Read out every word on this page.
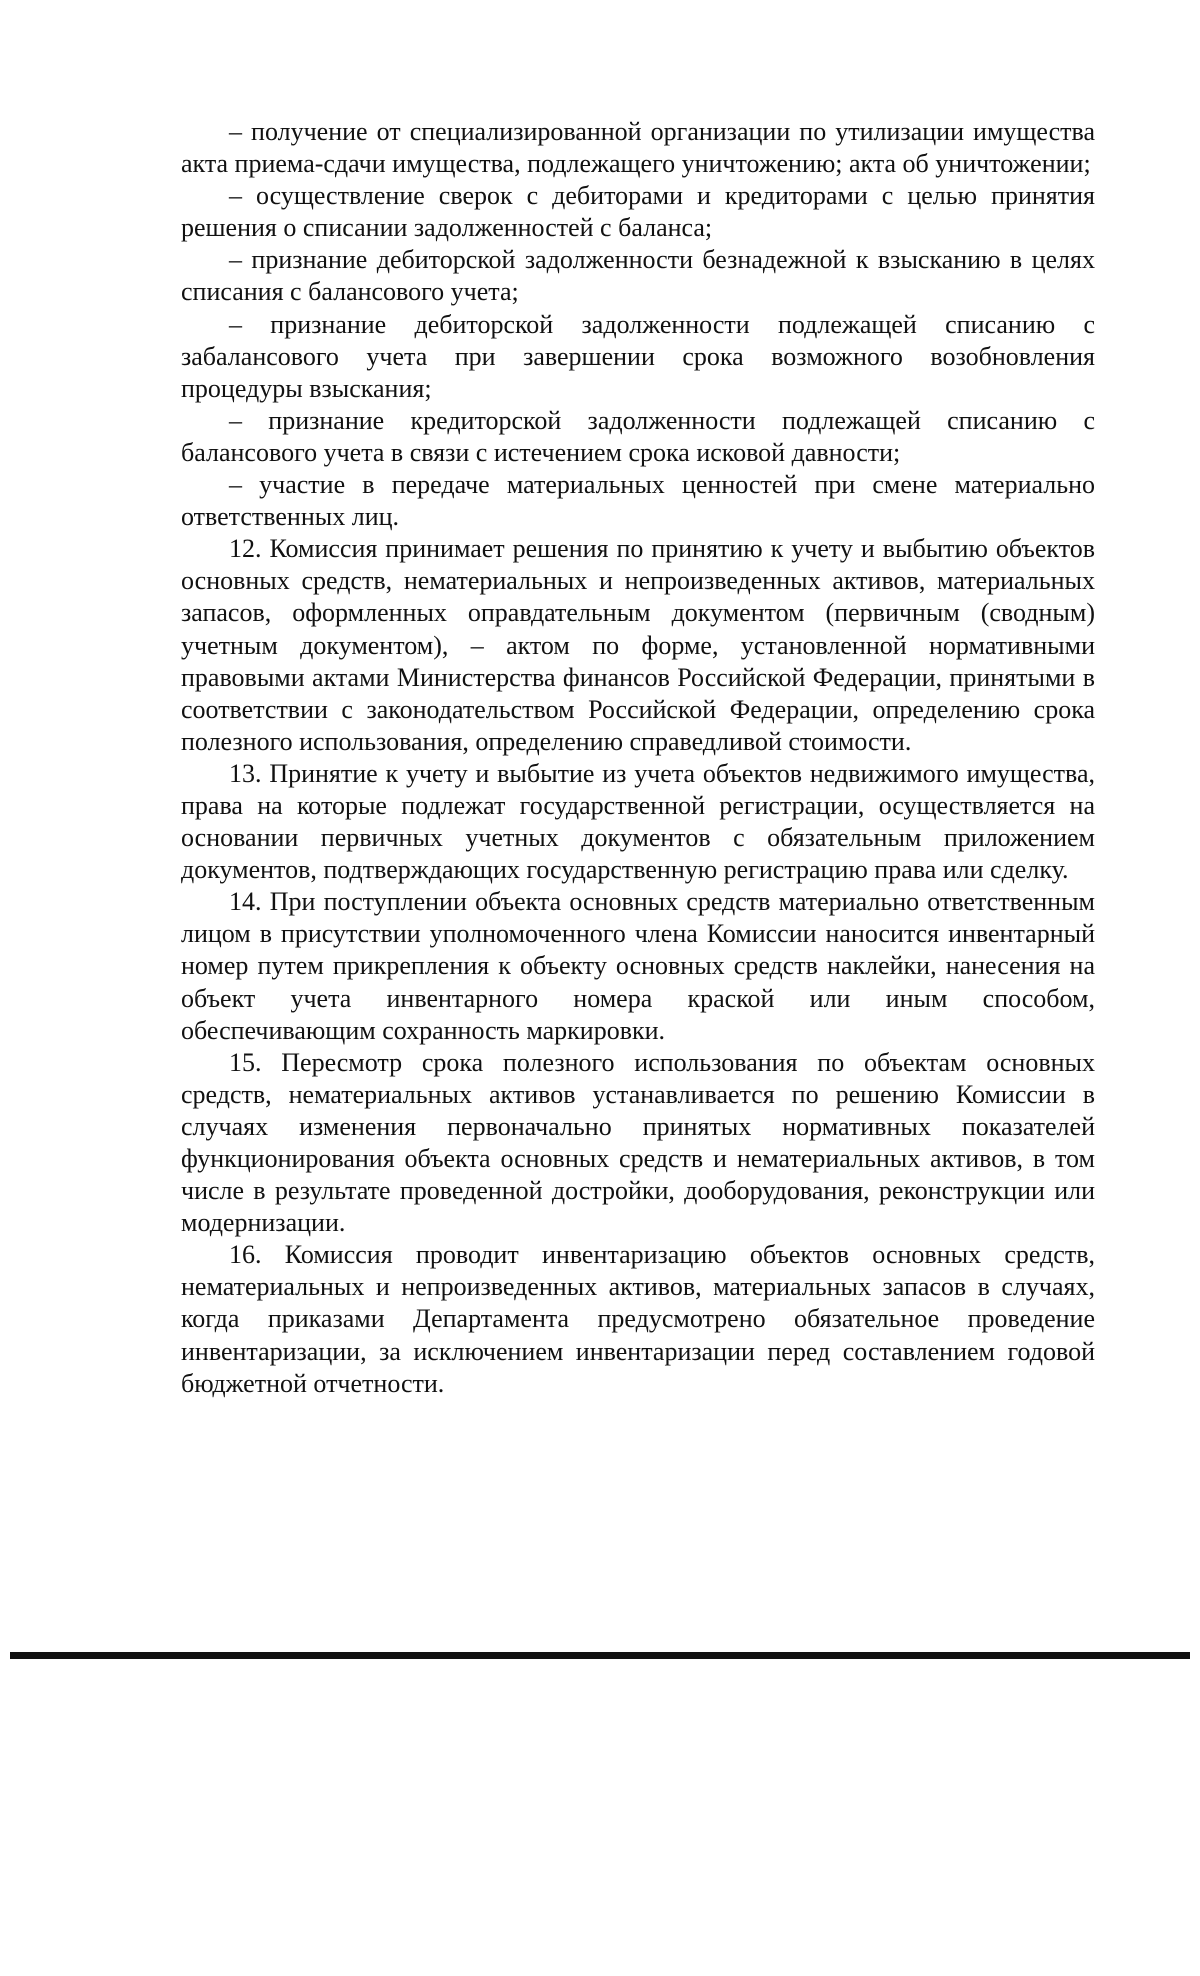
– получение от специализированной организации по утилизации имущества акта приема-сдачи имущества, подлежащего уничтожению; акта об уничтожении;

– осуществление сверок с дебиторами и кредиторами с целью принятия решения о списании задолженностей с баланса;

– признание дебиторской задолженности безнадежной к взысканию в целях списания с балансового учета;

– признание дебиторской задолженности подлежащей списанию с забалансового учета при завершении срока возможного возобновления процедуры взыскания;

– признание кредиторской задолженности подлежащей списанию с балансового учета в связи с истечением срока исковой давности;

– участие в передаче материальных ценностей при смене материально ответственных лиц.

12. Комиссия принимает решения по принятию к учету и выбытию объектов основных средств, нематериальных и непроизведенных активов, материальных запасов, оформленных оправдательным документом (первичным (сводным) учетным документом), – актом по форме, установленной нормативными правовыми актами Министерства финансов Российской Федерации, принятыми в соответствии с законодательством Российской Федерации, определению срока полезного использования, определению справедливой стоимости.

13. Принятие к учету и выбытие из учета объектов недвижимого имущества, права на которые подлежат государственной регистрации, осуществляется на основании первичных учетных документов с обязательным приложением документов, подтверждающих государственную регистрацию права или сделку.

14. При поступлении объекта основных средств материально ответственным лицом в присутствии уполномоченного члена Комиссии наносится инвентарный номер путем прикрепления к объекту основных средств наклейки, нанесения на объект учета инвентарного номера краской или иным способом, обеспечивающим сохранность маркировки.

15. Пересмотр срока полезного использования по объектам основных средств, нематериальных активов устанавливается по решению Комиссии в случаях изменения первоначально принятых нормативных показателей функционирования объекта основных средств и нематериальных активов, в том числе в результате проведенной достройки, дооборудования, реконструкции или модернизации.

16. Комиссия проводит инвентаризацию объектов основных средств, нематериальных и непроизведенных активов, материальных запасов в случаях, когда приказами Департамента предусмотрено обязательное проведение инвентаризации, за исключением инвентаризации перед составлением годовой бюджетной отчетности.
